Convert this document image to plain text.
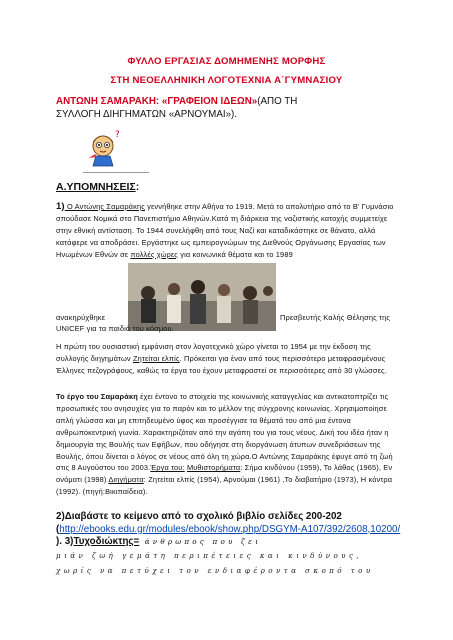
ΦΥΛΛΟ ΕΡΓΑΣΙΑΣ ΔΟΜΗΜΕΝΗΣ ΜΟΡΦΗΣ
ΣΤΗ ΝΕΟΕΛΛΗΝΙΚΗ ΛΟΓΟΤΕΧΝΙΑ Α΄ΓΥΜΝΑΣΙΟΥ
ΑΝΤΩΝΗ ΣΑΜΑΡΑΚΗ: «ΓΡΑΦΕΙΟΝ ΙΔΕΩΝ»(ΑΠΟ ΤΗ
ΣΥΛΛΟΓΗ ΔΙΗΓΗΜΑΤΩΝ «ΑΡΝΟΥΜΑΙ»).
?
Α.ΥΠΟΜΝΗΣΕΙΣ:
1) Ο Αντώνης Σαμαράκης γεννήθηκε στην Αθήνα το 1919. Μετά το απολυτήριο από το Β' Γυμνάσιο σπούδασε Νομικά στο Πανεπιστήμιο Αθηνών.Κατά τη διάρκεια της ναζιστικής κατοχής συμμετείχε στην εθνική αντίσταση. Το 1944 συνελήφθη από τους Ναζί και καταδικάστηκε σε θάνατο, αλλά κατάφερε να αποδράσει. Εργάστηκε ως εμπειρογνώμων της Διεθνούς Οργάνωσης Εργασίας των Ηνωμένων Εθνών σε πολλές χώρες για κοινωνικά θέματα και το 1989
ανακηρύχθηκε	Πρεσβευτής Καλής Θέλησης της
UNICEF για τα παιδιά του κόσμου.
Η πρώτη του ουσιαστική εμφάνιση στον λογοτεχνικό χώρο γίνεται το 1954 με την έκδοση της συλλογής διηγημάτων Ζητείται ελπίς. Πρόκειται για έναν από τους περισσότερο μεταφρασμένους Έλληνες πεζογράφους, καθώς τα έργα του έχουν μεταφραστεί σε περισσότερες από 30 γλώσσες.
Το έργο του Σαμαράκη έχει έντονο το στοιχείο της κοινωνικής καταγγελίας και αντικατοπτρίζει τις προσωπικές του ανησυχίες για το παρόν και το μέλλον της σύγχρονης κοινωνίας. Χρησιμοποίησε απλή γλώσσα και μη επιτηδευμένο ύφος και προσέγγισε τα θέματά του από μια έντονα ανθρωποκεντρική γωνία. Χαρακτηριζόταν από την αγάπη του για τους νέους. Δική του ιδέα ήταν η δημιουργία της Βουλής των Εφήβων, που οδήγησε στη διοργάνωση άτυπων συνεδριάσεων της Βουλής, όπου δίνεται ο λόγος σε νέους από όλη τη χώρα.Ο Αντώνης Σαμαράκης έφυγε από τη ζωή στις 8 Αυγούστου του 2003.Έργα του: Μυθιστορήματα: Σήμα κινδύνου (1959), Το λάθος (1965), Εν ονόματι (1998) Διηγήματα: Ζητείται ελπίς (1954), Αρνούμαι (1961) ,Το διαβατήριο (1973), Η κόντρα (1992). (πηγή:Βικιπαίδεια).
2)Διαβάστε το κείμενο από το σχολικό βιβλίο σελίδες 200-202 (http://ebooks.edu.gr/modules/ebook/show.php/DSGYM-A107/392/2608,10200/ ). 3)Τυχοδιώκτης= άνθρωπος που ζει
μιάν ζωή γεμάτη περιπέτειες και κινδύνους,
χωρίς να πετύχει τον ενδιαφέροντα σκοπό του
